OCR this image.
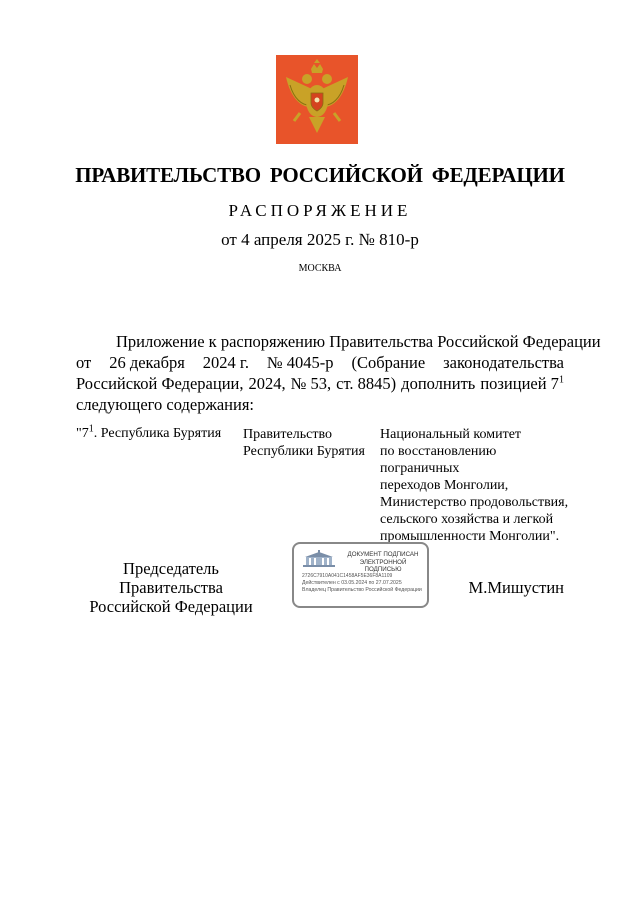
ПРАВИТЕЛЬСТВО РОССИЙСКОЙ ФЕДЕРАЦИИ
РАСПОРЯЖЕНИЕ
от 4 апреля 2025 г. № 810-р
МОСКВА
Приложение к распоряжению Правительства Российской Федерации
от 26 декабря 2024 г. № 4045-р (Собрание законодательства
Российской Федерации, 2024, № 53, ст. 8845) дополнить позицией $7^1$
следующего содержания:
"$7^1$. Республика Бурятия	Правительство
Республики Бурятия
Национальный комитет
по восстановлению пограничных
переходов Монголии,
Министерство продовольствия,
сельского хозяйства и легкой
промышленности Монголии".
Председатель Правительства
Российской Федерации
ДОКУМЕНТ ПОДПИСАН
ЭЛЕКТРОННОЙ ПОДПИСЬЮ
2726C7910A041C1458AF5E36F8A1109
Действителен с 03.05.2024 по 27.07.2025
Владелец Правительство Российской Федерации	М.Мишустин
